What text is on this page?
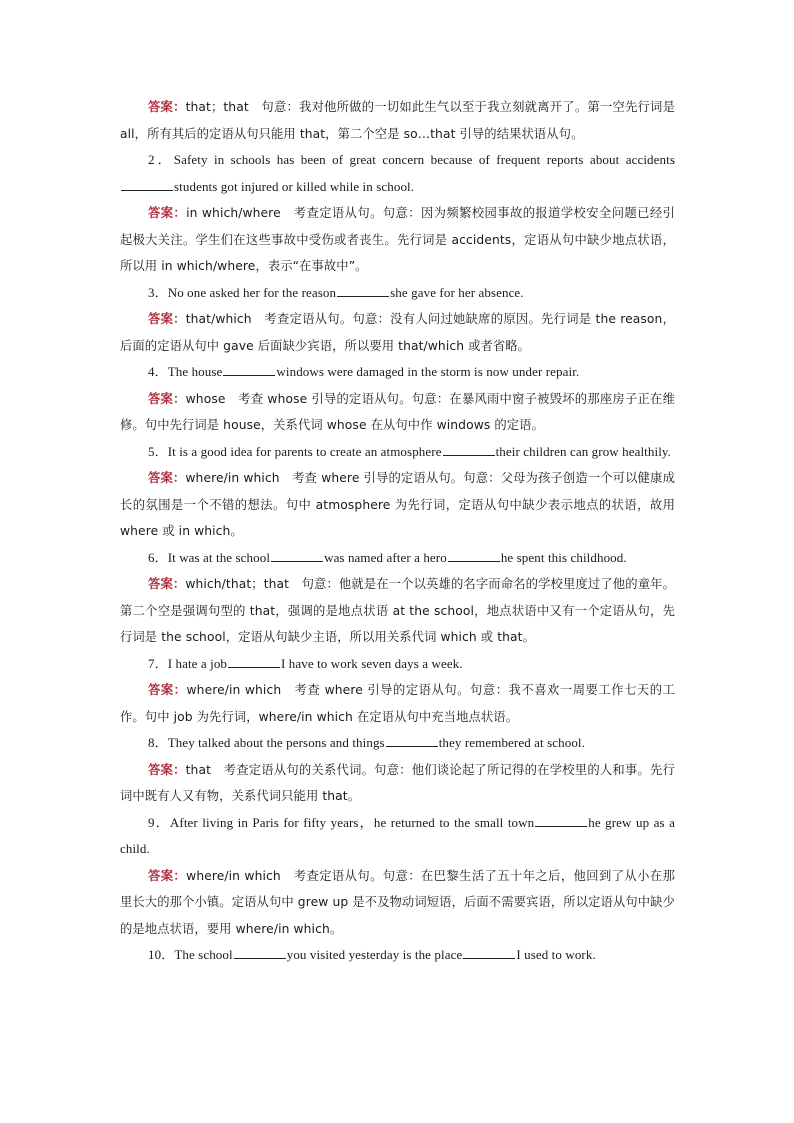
答案：that；that　句意：我对他所做的一切如此生气以至于我立刻就离开了。第一空先行词是 all，所有其后的定语从句只能用 that，第二个空是 so…that 引导的结果状语从句。

2．Safety in schools has been of great concern because of frequent reports about accidentsstudents got injured or killed while in school.

答案：in which/where　考查定语从句。句意：因为频繁校园事故的报道学校安全问题已经引起极大关注。学生们在这些事故中受伤或者丧生。先行词是 accidents，定语从句中缺少地点状语，所以用 in which/where，表示“在事故中”。

3．No one asked her for the reason	she gave for her absence.

答案：that/which　考查定语从句。句意：没有人问过她缺席的原因。先行词是 the reason，后面的定语从句中 gave 后面缺少宾语，所以要用 that/which 或者省略。

4．The house	windows were damaged in the storm is now under repair.

答案：whose　考查 whose 引导的定语从句。句意：在暴风雨中窗子被毁坏的那座房子正在维修。句中先行词是 house，关系代词 whose 在从句中作 windows 的定语。

5．It is a good idea for parents to create an atmosphere	their children can grow healthily.

答案：where/in which　考查 where 引导的定语从句。句意：父母为孩子创造一个可以健康成长的氛围是一个不错的想法。句中 atmosphere 为先行词，定语从句中缺少表示地点的状语，故用 where 或 in which。

6．It was at the school	was named after a hero	he spent this childhood.

答案：which/that；that　句意：他就是在一个以英雄的名字而命名的学校里度过了他的童年。第二个空是强调句型的 that，强调的是地点状语 at the school，地点状语中又有一个定语从句，先行词是 the school，定语从句缺少主语，所以用关系代词 which 或 that。

7．I hate a job	I have to work seven days a week.

答案：where/in which　考查 where 引导的定语从句。句意：我不喜欢一周要工作七天的工作。句中 job 为先行词，where/in which 在定语从句中充当地点状语。

8．They talked about the persons and things	they remembered at school.

答案：that　考查定语从句的关系代词。句意：他们谈论起了所记得的在学校里的人和事。先行词中既有人又有物，关系代词只能用 that。

9．After living in Paris for fifty years，he returned to the small town	he grew up as a child.

答案：where/in which　考查定语从句。句意：在巴黎生活了五十年之后，他回到了从小在那里长大的那个小镇。定语从句中 grew up 是不及物动词短语，后面不需要宾语，所以定语从句中缺少的是地点状语，要用 where/in which。

10．The school	you visited yesterday is the place	I used to work.
